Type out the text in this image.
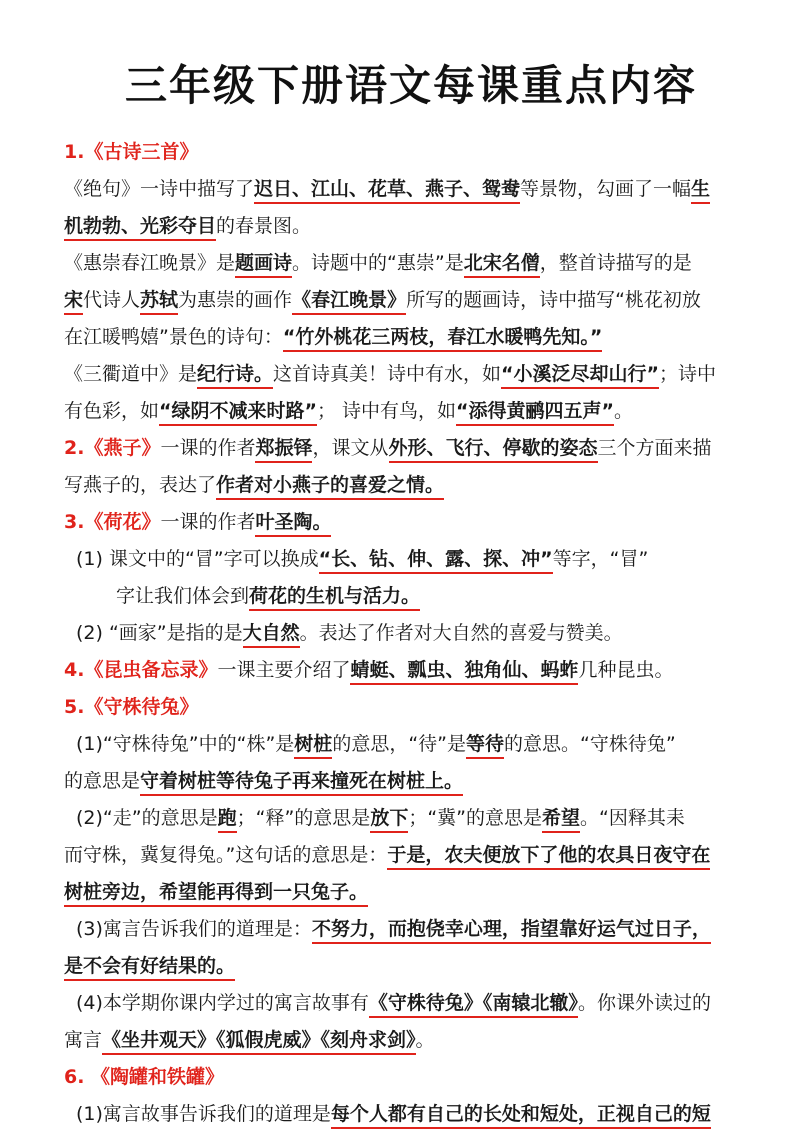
三年级下册语文每课重点内容
1.《古诗三首》
《绝句》一诗中描写了迟日、江山、花草、燕子、鸳鸯等景物，勾画了一幅生
机勃勃、光彩夺目的春景图。
《惠崇春江晚景》是题画诗。诗题中的“惠崇”是北宋名僧，整首诗描写的是
宋代诗人苏轼为惠崇的画作《春江晚景》所写的题画诗，诗中描写“桃花初放
在江暖鸭嬉”景色的诗句：“竹外桃花三两枝，春江水暖鸭先知。”
《三衢道中》是纪行诗。这首诗真美！诗中有水，如“小溪泛尽却山行”；诗中
有色彩，如“绿阴不减来时路”； 诗中有鸟，如“添得黄鹂四五声”。
2.《燕子》一课的作者郑振铎，课文从外形、飞行、停歇的姿态三个方面来描
写燕子的，表达了作者对小燕子的喜爱之情。
3.《荷花》一课的作者叶圣陶。
(1) 课文中的“冒”字可以换成“长、钻、伸、露、探、冲”等字，“冒”
字让我们体会到荷花的生机与活力。
(2) “画家”是指的是大自然。表达了作者对大自然的喜爱与赞美。
4.《昆虫备忘录》一课主要介绍了蜻蜓、瓢虫、独角仙、蚂蚱几种昆虫。
5.《守株待兔》
(1)“守株待兔”中的“株”是树桩的意思，“待”是等待的意思。“守株待兔”
的意思是守着树桩等待兔子再来撞死在树桩上。
(2)“走”的意思是跑；“释”的意思是放下；“冀”的意思是希望。“因释其耒
而守株，冀复得兔。”这句话的意思是：于是，农夫便放下了他的农具日夜守在
树桩旁边，希望能再得到一只兔子。
(3)寓言告诉我们的道理是：不努力，而抱侥幸心理，指望靠好运气过日子，
是不会有好结果的。
(4)本学期你课内学过的寓言故事有《守株待兔》《南辕北辙》。你课外读过的
寓言《坐井观天》《狐假虎威》《刻舟求剑》。
6. 《陶罐和铁罐》
(1)寓言故事告诉我们的道理是每个人都有自己的长处和短处，正视自己的短
